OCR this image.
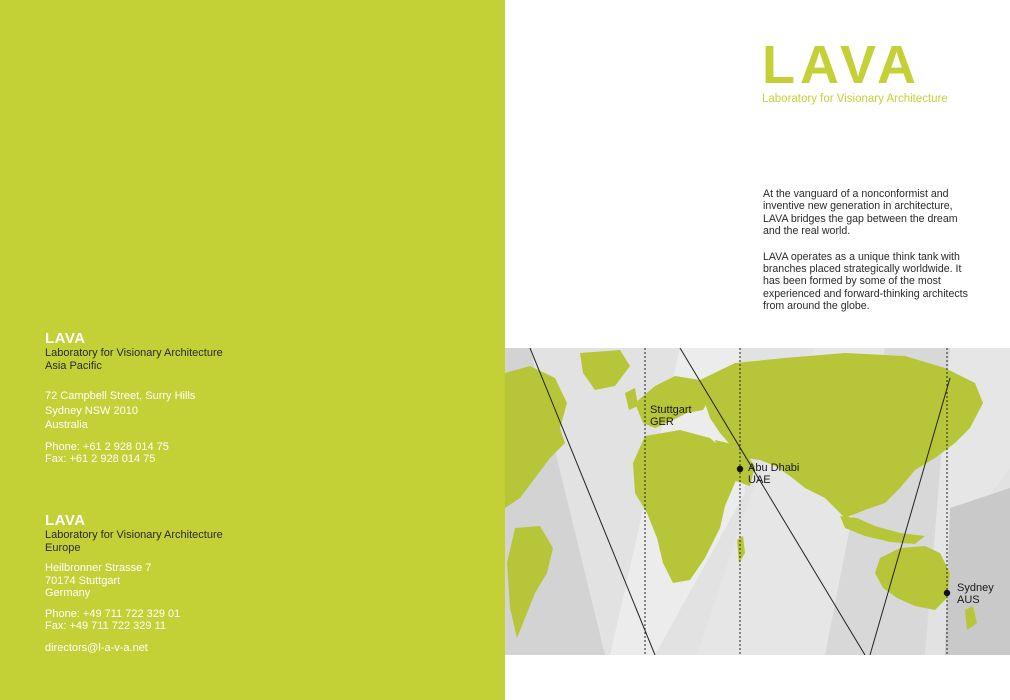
LAVA
Laboratory for Visionary Architecture
Asia Pacific
72 Campbell Street, Surry Hills
Sydney NSW 2010
Australia
Phone: +61 2 928 014 75
Fax: +61 2 928 014 75
LAVA
Laboratory for Visionary Architecture
Europe
Heilbronner Strasse 7
70174 Stuttgart
Germany
Phone: +49 711 722 329 01
Fax: +49 711 722 329 11
directors@l-a-v-a.net
LAVA
Laboratory for Visionary Architecture

At the vanguard of a nonconformist and inventive new generation in architecture, LAVA bridges the gap between the dream and the real world.

LAVA operates as a unique think tank with branches placed strategically worldwide. It has been formed by some of the most experienced and forward-thinking architects from around the globe.

Stuttgart
GER
Abu Dhabi
UAE
Sydney
AUS
